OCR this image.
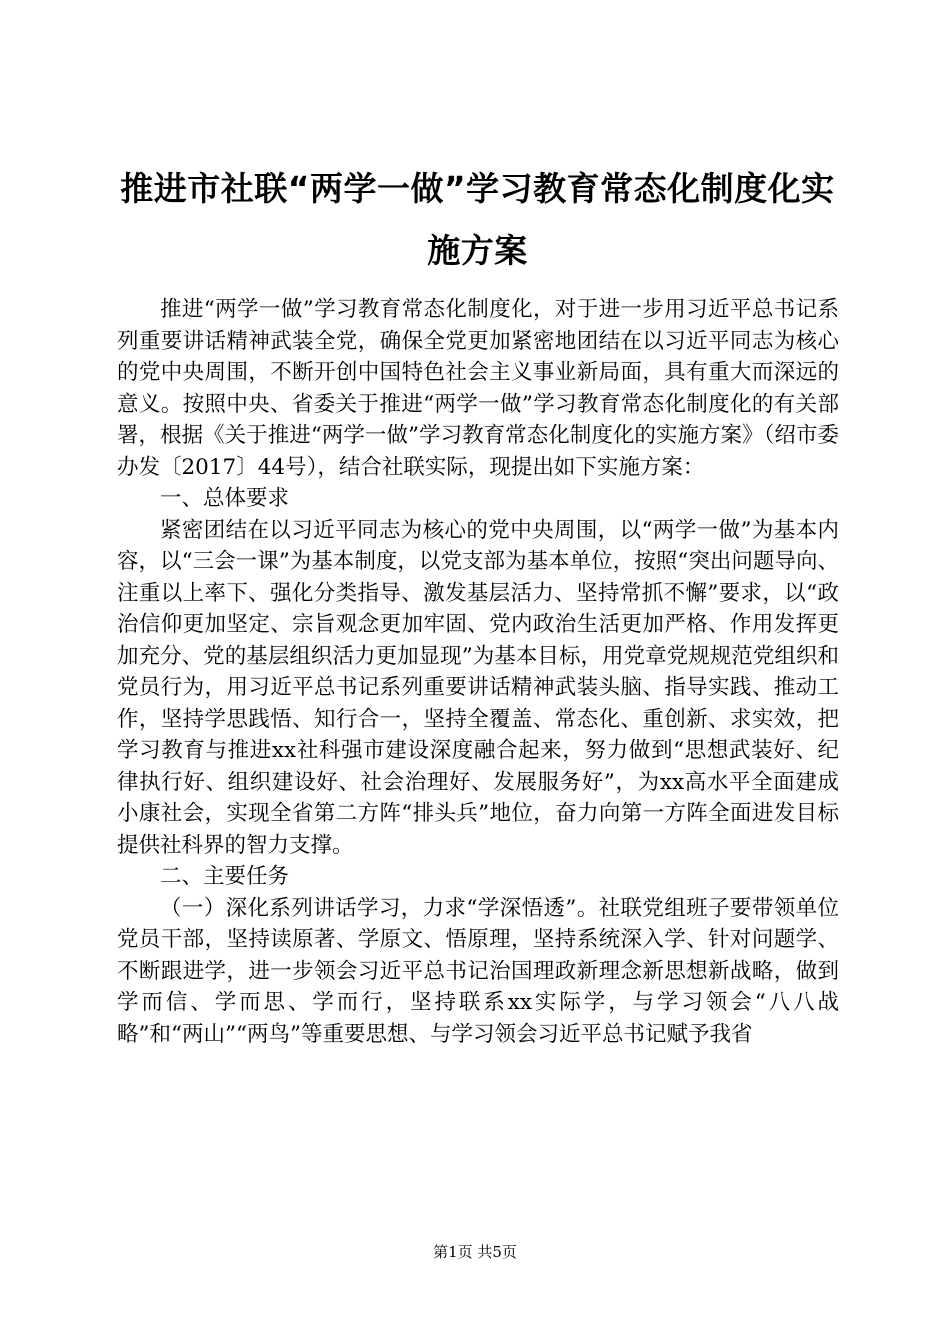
推进市社联“两学一做”学习教育常态化制度化实施方案

推进“两学一做”学习教育常态化制度化，对于进一步用习近平总书记系列重要讲话精神武装全党，确保全党更加紧密地团结在以习近平同志为核心的党中央周围，不断开创中国特色社会主义事业新局面，具有重大而深远的意义。按照中央、省委关于推进“两学一做”学习教育常态化制度化的有关部署，根据《关于推进“两学一做”学习教育常态化制度化的实施方案》（绍市委办发〔2017〕44号），结合社联实际，现提出如下实施方案：

一、总体要求

紧密团结在以习近平同志为核心的党中央周围，以“两学一做”为基本内容，以“三会一课”为基本制度，以党支部为基本单位，按照“突出问题导向、注重以上率下、强化分类指导、激发基层活力、坚持常抓不懈”要求，以“政治信仰更加坚定、宗旨观念更加牢固、党内政治生活更加严格、作用发挥更加充分、党的基层组织活力更加显现”为基本目标，用党章党规规范党组织和党员行为，用习近平总书记系列重要讲话精神武装头脑、指导实践、推动工作，坚持学思践悟、知行合一，坚持全覆盖、常态化、重创新、求实效，把学习教育与推进xx社科强市建设深度融合起来，努力做到“思想武装好、纪律执行好、组织建设好、社会治理好、发展服务好”，为xx高水平全面建成小康社会，实现全省第二方阵“排头兵”地位，奋力向第一方阵全面进发目标提供社科界的智力支撑。

二、主要任务

（一）深化系列讲话学习，力求“学深悟透”。社联党组班子要带领单位党员干部，坚持读原著、学原文、悟原理，坚持系统深入学、针对问题学、不断跟进学，进一步领会习近平总书记治国理政新理念新思想新战略，做到学而信、学而思、学而行，坚持联系xx实际学，与学习领会“八八战略”和“两山”“两鸟”等重要思想、与学习领会习近平总书记赋予我省

第1页 共5页
